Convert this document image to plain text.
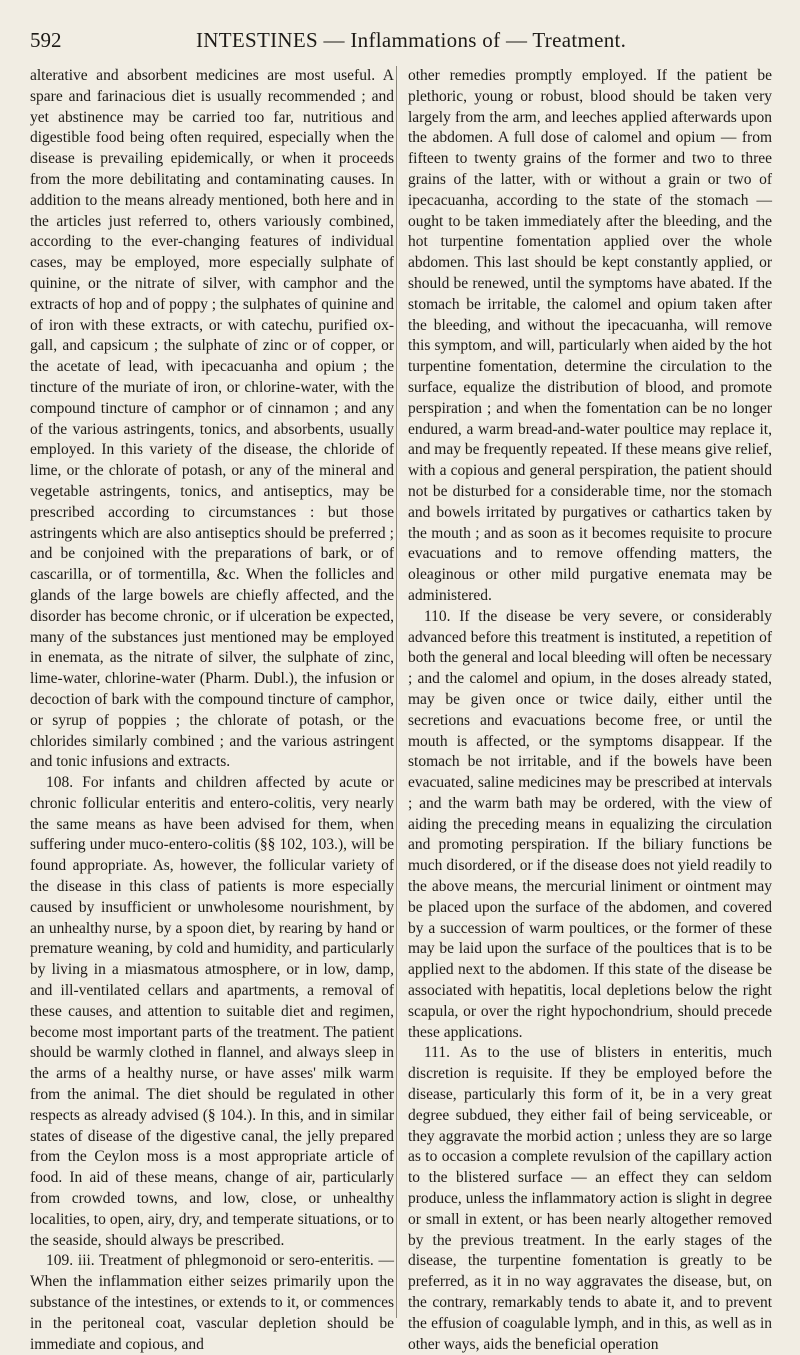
592	INTESTINES — Inflammations of — Treatment.

alterative and absorbent medicines are most useful. A spare and farinacious diet is usually recommended ; and yet abstinence may be carried too far, nutritious and digestible food being often required, especially when the disease is prevailing epidemically, or when it proceeds from the more debilitating and contaminating causes. In addition to the means already mentioned, both here and in the articles just referred to, others variously combined, according to the ever-changing features of individual cases, may be employed, more especially sulphate of quinine, or the nitrate of silver, with camphor and the extracts of hop and of poppy ; the sulphates of quinine and of iron with these extracts, or with catechu, purified ox-gall, and capsicum ; the sulphate of zinc or of copper, or the acetate of lead, with ipecacuanha and opium ; the tincture of the muriate of iron, or chlorine-water, with the compound tincture of camphor or of cinnamon ; and any of the various astringents, tonics, and absorbents, usually employed. In this variety of the disease, the chloride of lime, or the chlorate of potash, or any of the mineral and vegetable astringents, tonics, and antiseptics, may be prescribed according to circumstances : but those astringents which are also antiseptics should be preferred ; and be conjoined with the preparations of bark, or of cascarilla, or of tormentilla, &c. When the follicles and glands of the large bowels are chiefly affected, and the disorder has become chronic, or if ulceration be expected, many of the substances just mentioned may be employed in enemata, as the nitrate of silver, the sulphate of zinc, lime-water, chlorine-water (Pharm. Dubl.), the infusion or decoction of bark with the compound tincture of camphor, or syrup of poppies ; the chlorate of potash, or the chlorides similarly combined ; and the various astringent and tonic infusions and extracts.

108. For infants and children affected by acute or chronic follicular enteritis and entero-colitis, very nearly the same means as have been advised for them, when suffering under muco-entero-colitis (§§ 102, 103.), will be found appropriate. As, however, the follicular variety of the disease in this class of patients is more especially caused by insufficient or unwholesome nourishment, by an unhealthy nurse, by a spoon diet, by rearing by hand or premature weaning, by cold and humidity, and particularly by living in a miasmatous atmosphere, or in low, damp, and ill-ventilated cellars and apartments, a removal of these causes, and attention to suitable diet and regimen, become most important parts of the treatment. The patient should be warmly clothed in flannel, and always sleep in the arms of a healthy nurse, or have asses' milk warm from the animal. The diet should be regulated in other respects as already advised (§ 104.). In this, and in similar states of disease of the digestive canal, the jelly prepared from the Ceylon moss is a most appropriate article of food. In aid of these means, change of air, particularly from crowded towns, and low, close, or unhealthy localities, to open, airy, dry, and temperate situations, or to the seaside, should always be prescribed.

109. iii. Treatment of phlegmonoid or sero-enteritis. — When the inflammation either seizes primarily upon the substance of the intestines, or extends to it, or commences in the peritoneal coat, vascular depletion should be immediate and copious, and

other remedies promptly employed. If the patient be plethoric, young or robust, blood should be taken very largely from the arm, and leeches applied afterwards upon the abdomen. A full dose of calomel and opium — from fifteen to twenty grains of the former and two to three grains of the latter, with or without a grain or two of ipecacuanha, according to the state of the stomach — ought to be taken immediately after the bleeding, and the hot turpentine fomentation applied over the whole abdomen. This last should be kept constantly applied, or should be renewed, until the symptoms have abated. If the stomach be irritable, the calomel and opium taken after the bleeding, and without the ipecacuanha, will remove this symptom, and will, particularly when aided by the hot turpentine fomentation, determine the circulation to the surface, equalize the distribution of blood, and promote perspiration ; and when the fomentation can be no longer endured, a warm bread-and-water poultice may replace it, and may be frequently repeated. If these means give relief, with a copious and general perspiration, the patient should not be disturbed for a considerable time, nor the stomach and bowels irritated by purgatives or cathartics taken by the mouth ; and as soon as it becomes requisite to procure evacuations and to remove offending matters, the oleaginous or other mild purgative enemata may be administered.

110. If the disease be very severe, or considerably advanced before this treatment is instituted, a repetition of both the general and local bleeding will often be necessary ; and the calomel and opium, in the doses already stated, may be given once or twice daily, either until the secretions and evacuations become free, or until the mouth is affected, or the symptoms disappear. If the stomach be not irritable, and if the bowels have been evacuated, saline medicines may be prescribed at intervals ; and the warm bath may be ordered, with the view of aiding the preceding means in equalizing the circulation and promoting perspiration. If the biliary functions be much disordered, or if the disease does not yield readily to the above means, the mercurial liniment or ointment may be placed upon the surface of the abdomen, and covered by a succession of warm poultices, or the former of these may be laid upon the surface of the poultices that is to be applied next to the abdomen. If this state of the disease be associated with hepatitis, local depletions below the right scapula, or over the right hypochondrium, should precede these applications.

111. As to the use of blisters in enteritis, much discretion is requisite. If they be employed before the disease, particularly this form of it, be in a very great degree subdued, they either fail of being serviceable, or they aggravate the morbid action ; unless they are so large as to occasion a complete revulsion of the capillary action to the blistered surface — an effect they can seldom produce, unless the inflammatory action is slight in degree or small in extent, or has been nearly altogether removed by the previous treatment. In the early stages of the disease, the turpentine fomentation is greatly to be preferred, as it in no way aggravates the disease, but, on the contrary, remarkably tends to abate it, and to prevent the effusion of coagulable lymph, and in this, as well as in other ways, aids the beneficial operation
